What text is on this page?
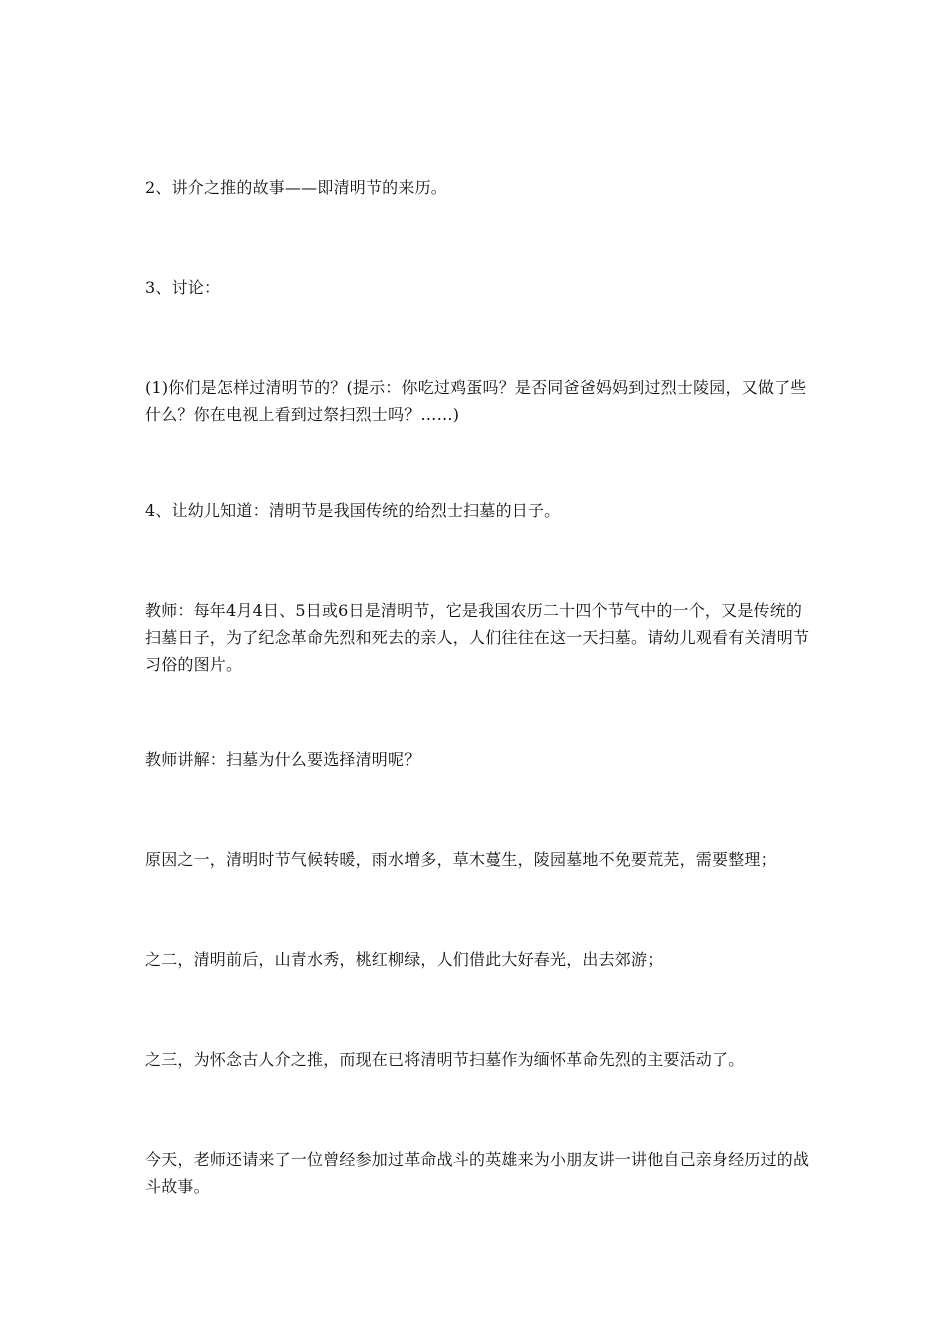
2、讲介之推的故事——即清明节的来历。

3、讨论：

(1)你们是怎样过清明节的？(提示：你吃过鸡蛋吗？是否同爸爸妈妈到过烈士陵园，又做了些什么？你在电视上看到过祭扫烈士吗？……)

4、让幼儿知道：清明节是我国传统的给烈士扫墓的日子。

教师：每年4月4日、5日或6日是清明节，它是我国农历二十四个节气中的一个，又是传统的扫墓日子，为了纪念革命先烈和死去的亲人，人们往往在这一天扫墓。请幼儿观看有关清明节习俗的图片。

教师讲解：扫墓为什么要选择清明呢？

原因之一，清明时节气候转暖，雨水增多，草木蔓生，陵园墓地不免要荒芜，需要整理；

之二，清明前后，山青水秀，桃红柳绿，人们借此大好春光，出去郊游；

之三，为怀念古人介之推，而现在已将清明节扫墓作为缅怀革命先烈的主要活动了。

今天，老师还请来了一位曾经参加过革命战斗的英雄来为小朋友讲一讲他自己亲身经历过的战斗故事。
